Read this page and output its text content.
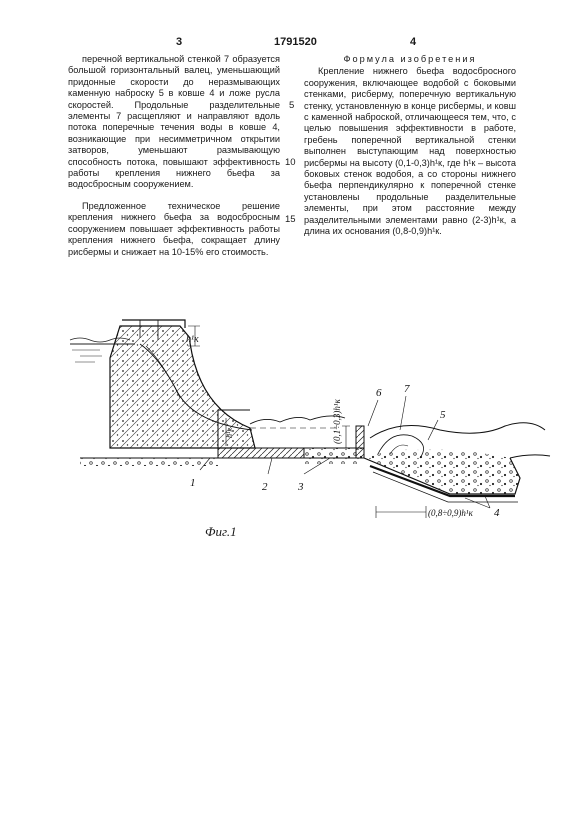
3	1791520	4

перечной вертикальной стенкой 7 образуется большой горизонтальный валец, уменьшающий придонные скорости до неразмывающих каменную наброску 5 в ковше 4 и ложе русла скоростей. Продольные разделительные элементы 7 расщепляют и направляют вдоль потока поперечные течения воды в ковше 4, возникающие при несимметричном открытии затворов, уменьшают размывающую способность потока, повышают эффективность работы крепления нижнего бьефа за водосбросным сооружением.

Предложенное техническое решение крепления нижнего бьефа за водосбросным сооружением повышает эффективность работы крепления нижнего бьефа, сокращает длину рисбермы и снижает на 10-15% его стоимость.

Формула изобретения

Крепление нижнего бьефа водосбросного сооружения, включающее водобой с боковыми стенками, рисберму, поперечную вертикальную стенку, установленную в конце рисбермы, и ковш с каменной наброской, отличающееся тем, что, с целью повышения эффективности в работе, гребень поперечной вертикальной стенки выполнен выступающим над поверхностью рисбермы на высоту (0,1-0,3)h¹к, где h¹к – высота боковых стенок водобоя, а со стороны нижнего бьефа перпендикулярно к поперечной стенке установлены продольные разделительные элементы, при этом расстояние между разделительными элементами равно (2-3)h¹к, а длина их основания (0,8-0,9)h¹к.

5
10
15
h¹к
h¹к	(0,1÷0,3)h¹к
(0,8÷0,9)h¹к
1	2	3
4
5
6 7
Фиг.1
